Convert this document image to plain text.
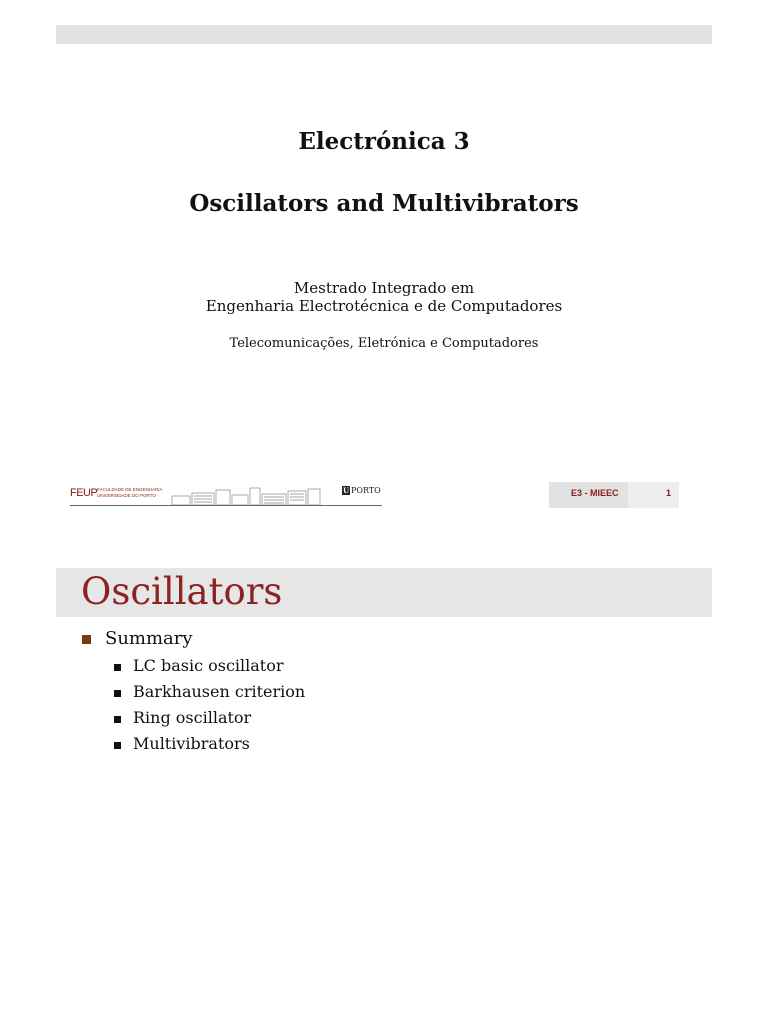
Electrónica 3
Oscillators and Multivibrators
Mestrado Integrado em
Engenharia Electrotécnica e de Computadores
Telecomunicações, Eletrónica e Computadores
FEUP FACULDADE DE ENGENHARIA
UNIVERSIDADE DO PORTO
U PORTO	E3 - MIEEC	1
Oscillators
Summary
LC basic oscillator
Barkhausen criterion
Ring oscillator
Multivibrators
